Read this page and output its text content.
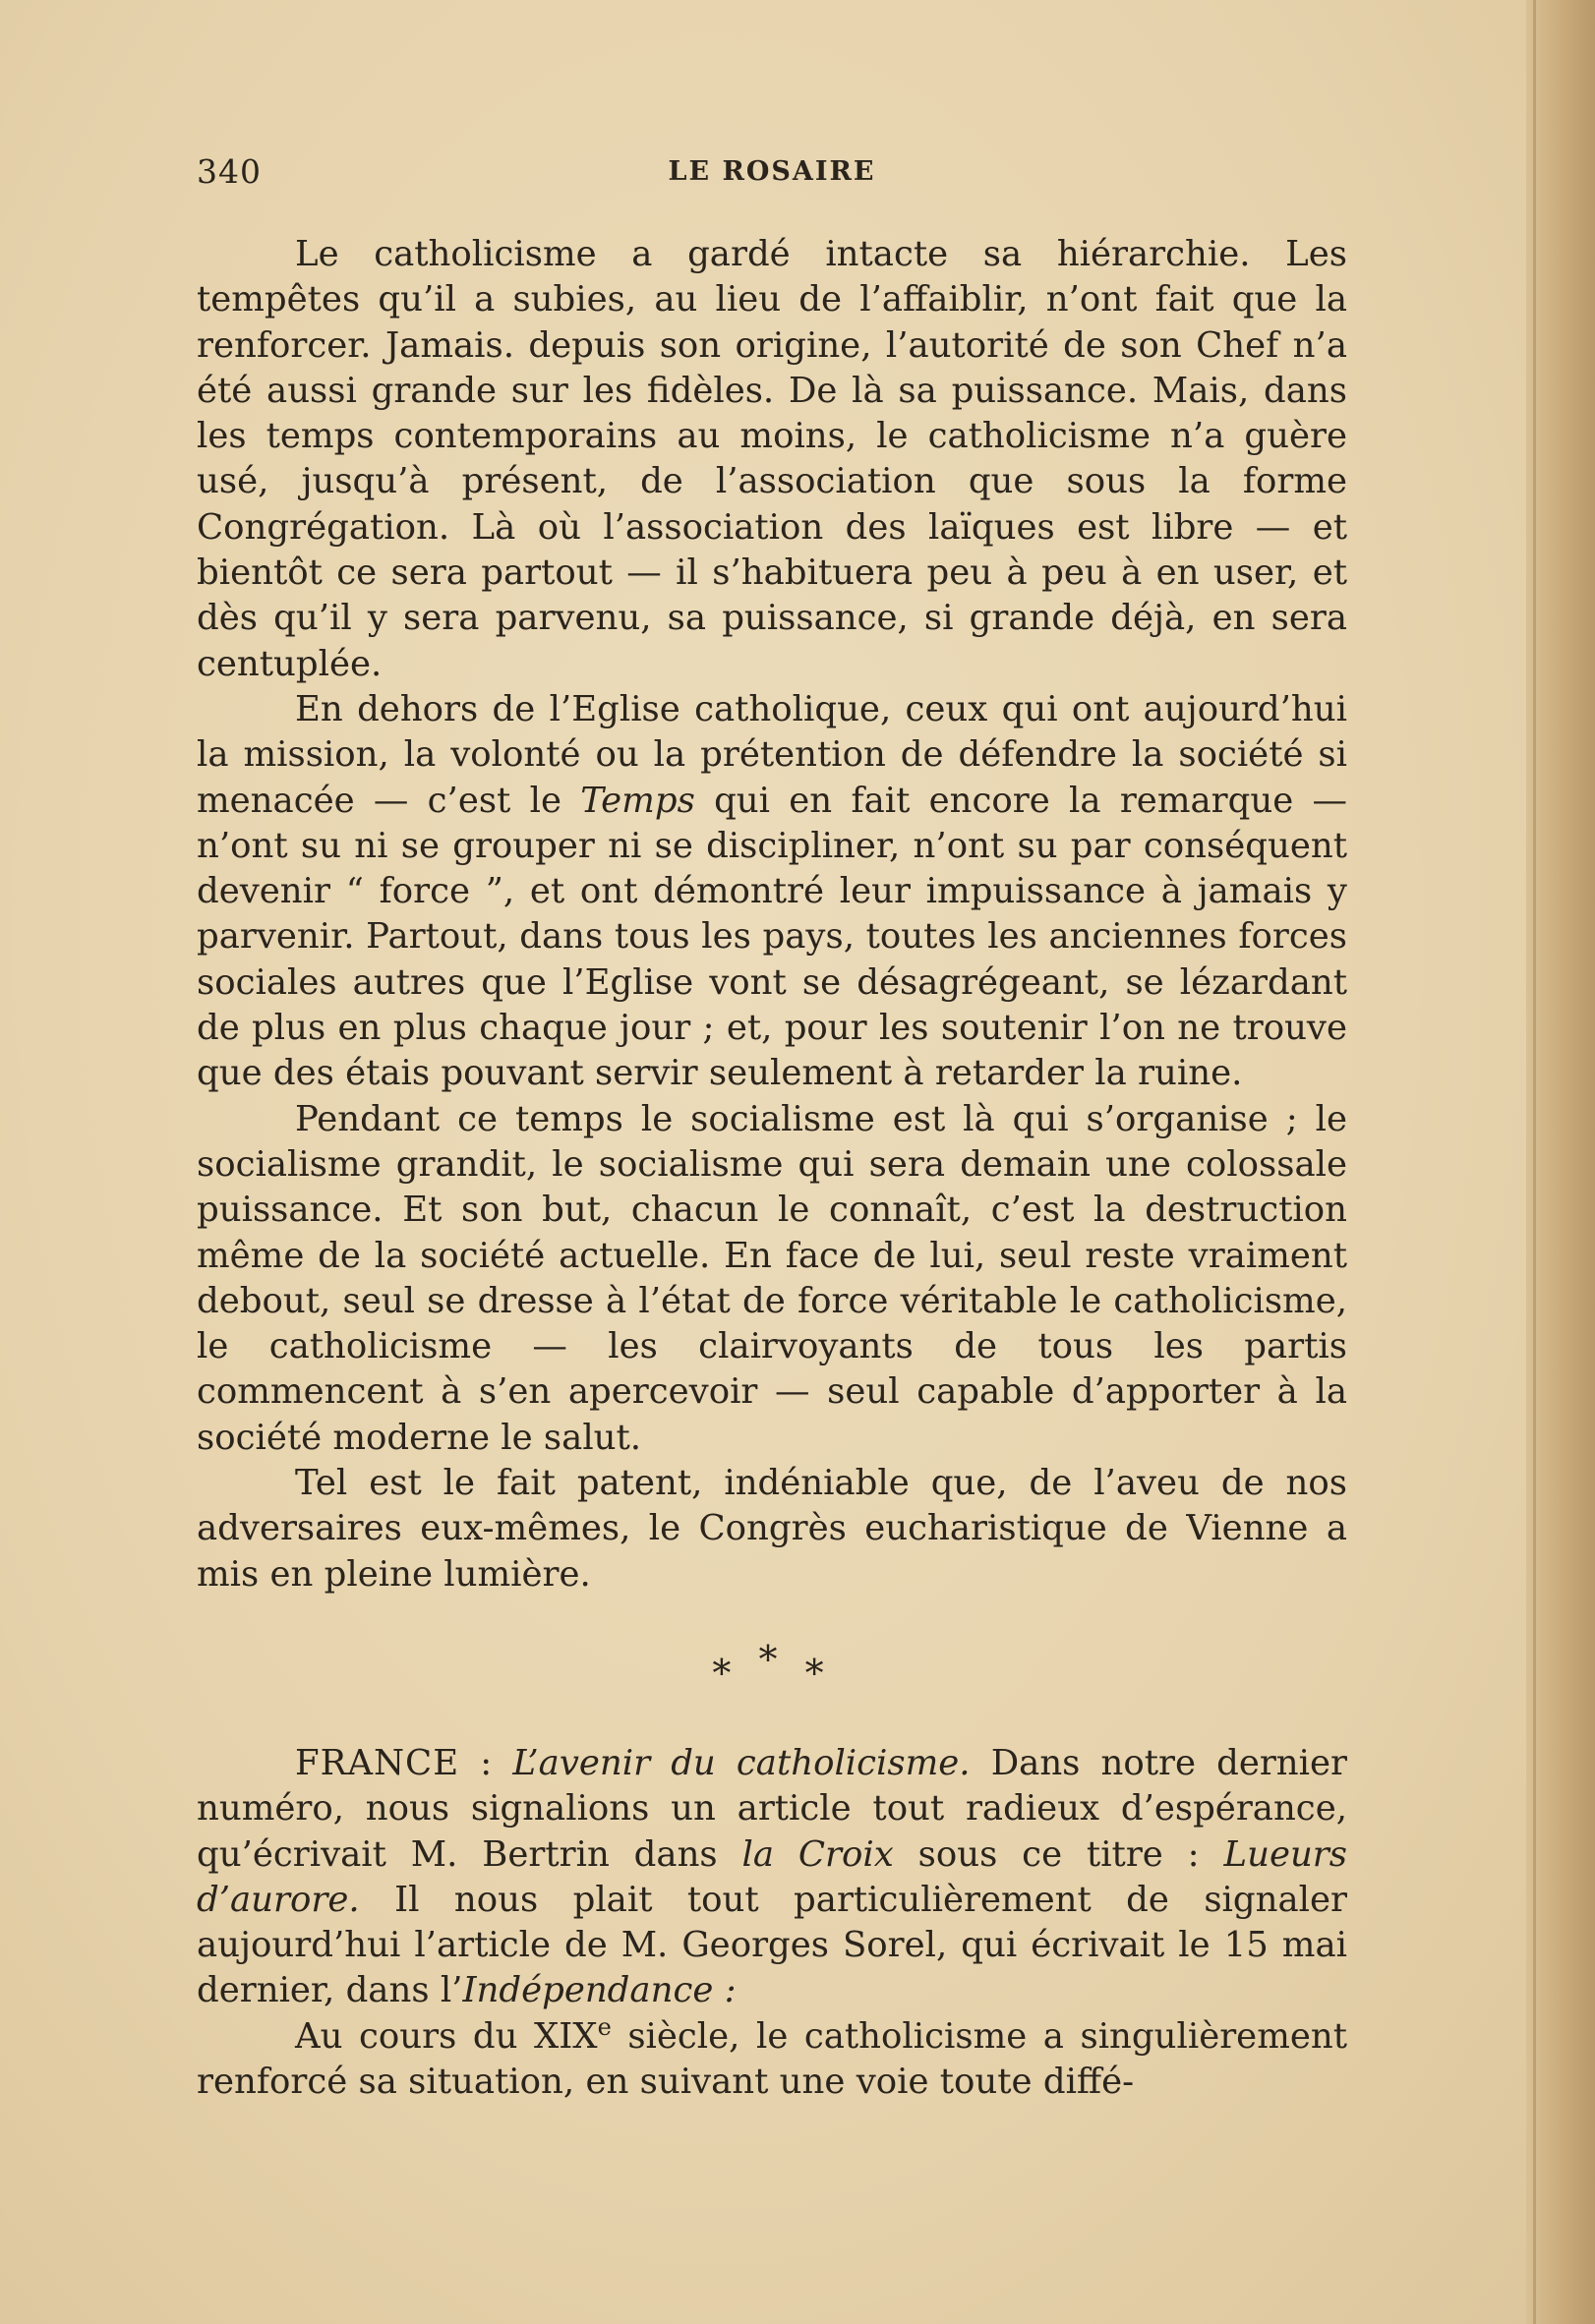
340	LE ROSAIRE

Le catholicisme a gardé intacte sa hiérarchie. Les tempêtes qu’il a subies, au lieu de l’affaiblir, n’ont fait que la renforcer. Jamais. depuis son origine, l’autorité de son Chef n’a été aussi grande sur les fidèles. De là sa puissance. Mais, dans les temps contemporains au moins, le catholicisme n’a guère usé, jusqu’à présent, de l’association que sous la forme Congrégation. Là où l’association des laïques est libre — et bientôt ce sera partout — il s’habituera peu à peu à en user, et dès qu’il y sera parvenu, sa puissance, si grande déjà, en sera centuplée.

En dehors de l’Eglise catholique, ceux qui ont aujourd’hui la mission, la volonté ou la prétention de défendre la société si menacée — c’est le Temps qui en fait encore la remarque — n’ont su ni se grouper ni se discipliner, n’ont su par conséquent devenir “ force ”, et ont démontré leur impuissance à jamais y parvenir. Partout, dans tous les pays, toutes les anciennes forces sociales autres que l’Eglise vont se désagrégeant, se lézardant de plus en plus chaque jour ; et, pour les soutenir l’on ne trouve que des étais pouvant servir seulement à retarder la ruine.

Pendant ce temps le socialisme est là qui s’organise ; le socialisme grandit, le socialisme qui sera demain une colossale puissance. Et son but, chacun le connaît, c’est la destruction même de la société actuelle. En face de lui, seul reste vraiment debout, seul se dresse à l’état de force véritable le catholicisme, le catholicisme — les clairvoyants de tous les partis commencent à s’en apercevoir — seul capable d’apporter à la société moderne le salut.

Tel est le fait patent, indéniable que, de l’aveu de nos adversaires eux-mêmes, le Congrès eucharistique de Vienne a mis en pleine lumière.

* * *

FRANCE : L’avenir du catholicisme. Dans notre dernier numéro, nous signalions un article tout radieux d’espérance, qu’écrivait M. Bertrin dans la Croix sous ce titre : Lueurs d’aurore. Il nous plait tout particulièrement de signaler aujourd’hui l’article de M. Georges Sorel, qui écrivait le 15 mai dernier, dans l’Indépendance :

Au cours du XIXe siècle, le catholicisme a singulièrement renforcé sa situation, en suivant une voie toute diffé-
